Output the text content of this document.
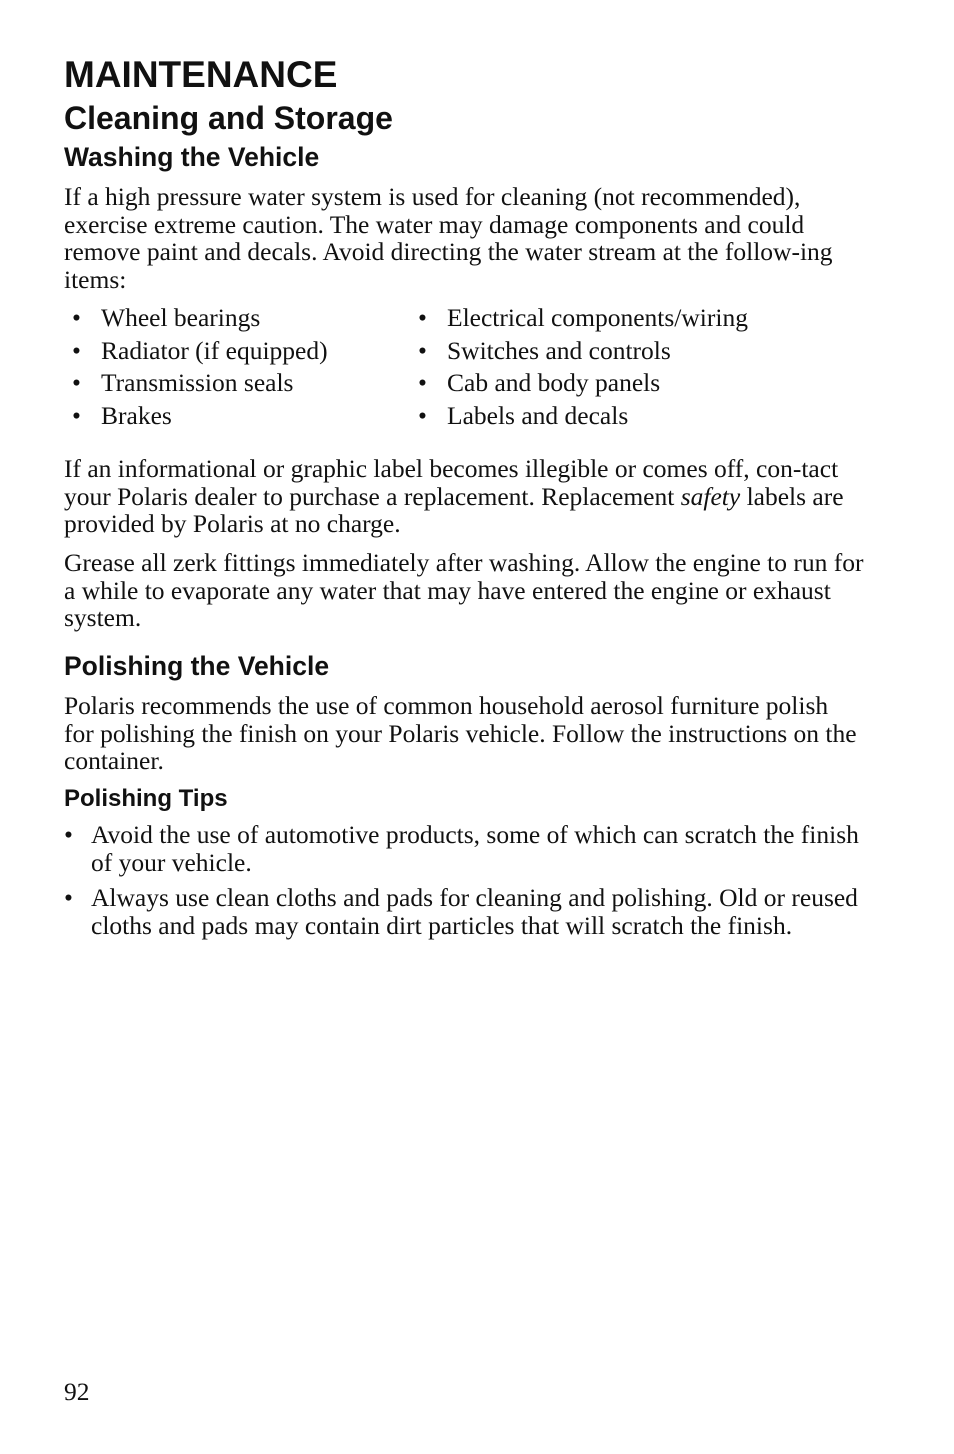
MAINTENANCE
Cleaning and Storage
Washing the Vehicle

If a high pressure water system is used for cleaning (not recommended), exercise extreme caution. The water may damage components and could remove paint and decals. Avoid directing the water stream at the follow-ing items:

• Wheel bearings
• Radiator (if equipped)
• Transmission seals
• Brakes
• Electrical components/wiring
• Switches and controls
• Cab and body panels
• Labels and decals

If an informational or graphic label becomes illegible or comes off, con-tact your Polaris dealer to purchase a replacement. Replacement safety labels are provided by Polaris at no charge.

Grease all zerk fittings immediately after washing. Allow the engine to run for a while to evaporate any water that may have entered the engine or exhaust system.

Polishing the Vehicle

Polaris recommends the use of common household aerosol furniture polish for polishing the finish on your Polaris vehicle. Follow the instructions on the container.

Polishing Tips
• Avoid the use of automotive products, some of which can scratch the finish of your vehicle.
• Always use clean cloths and pads for cleaning and polishing. Old or reused cloths and pads may contain dirt particles that will scratch the finish.
92
